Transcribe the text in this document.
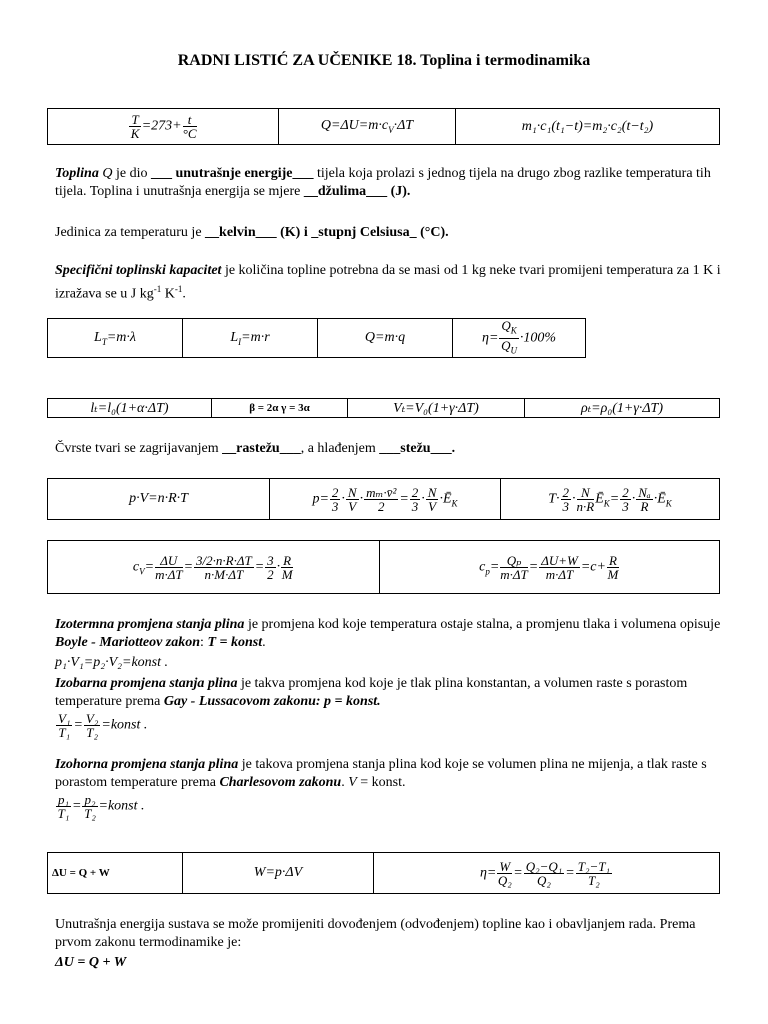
RADNI LISTIĆ ZA UČENIKE 18. Toplina i termodinamika
$\frac{T}{K} =273+ \frac{t}{^\circ C}$	$Q=\Delta U=m\cdot c_V\cdot\Delta T$	m₁·c₁(t₁−t)=m₂·c₂(t−t₂)
Toplina Q je dio ___ unutrašnje energije___ tijela koja prolazi s jednog tijela na drugo zbog razlike temperatura tih tijela. Toplina i unutrašnja energija se mjere __džulima___ (J).
Jedinica za temperaturu je __kelvin___ (K) i _stupnj Celsiusa_ (°C).
Specifični toplinski kapacitet je količina topline potrebna da se masi od 1 kg neke tvari promijeni temperatura za 1 K i izražava se u J $kg^{-1}$ $K^{-1}$.
$L_T=m\cdot\lambda$	$L_I=m\cdot r$	Q=m·q	$\eta= \frac{Q_K}{Q_U} \cdot 100\%$
lₜ=l₀(1+α·ΔT)	β = 2α γ = 3α	Vₜ=V₀(1+γ·ΔT)	ρₜ=ρ₀(1+γ·ΔT)
Čvrste tvari se zagrijavanjem __rastežu___, a hlađenjem ___stežu___.
p·V=n·R·T	$p= \frac{2}{3} \cdot \frac{N}{V} \cdot \frac{\text{mₘ·v̄²}}{2} = \frac{2}{3} \cdot \frac{N}{V}$ $\cdot Ē_K$	$T\cdot \frac{2}{3} \cdot \frac{N}{n\cdot R}$ $Ē_K= \frac{2}{3} \cdot \frac{\text{Nₐ}}{R}$ $\cdot Ē_K$
$c_V= \frac{\Delta U}{m\cdot\Delta T} = \frac{3/2\cdot n\cdot R\cdot\Delta T}{n\cdot M\cdot\Delta T} = \frac{3}{2} \cdot \frac{R}{M}$	$c_p= \frac{\text{Qₚ}}{m\cdot\Delta T} = \frac{\Delta U+W}{m\cdot\Delta T} =c+ \frac{R}{M}$
Izotermna promjena stanja plina je promjena kod koje temperatura ostaje stalna, a promjenu tlaka i volumena opisuje Boyle - Mariotteov zakon: T = konst.
p₁·V₁=p₂·V₂=konst .
Izobarna promjena stanja plina je takva promjena kod koje je tlak plina konstantan, a volumen raste s porastom temperature prema Gay - Lussacovom zakonu: p = konst.
$\frac{\text{V₁}}{\text{T₁}} = \frac{\text{V₂}}{\text{T₂}}$ =konst .
Izohorna promjena stanja plina je takova promjena stanja plina kod koje se volumen plina ne mijenja, a tlak raste s porastom temperature prema Charlesovom zakonu. V = konst.
$\frac{\text{p₁}}{\text{T₁}} = \frac{\text{p₂}}{\text{T₂}}$ =konst .
ΔU = Q + W	W=p·ΔV	$\eta= \frac{W}{\text{Q₂}} = \frac{\text{Q₂−Q₁}}{\text{Q₂}} = \frac{\text{T₂−T₁}}{\text{T₂}}$
Unutrašnja energija sustava se može promijeniti dovođenjem (odvođenjem) topline kao i obavljanjem rada. Prema prvom zakonu termodinamike je:
ΔU = Q + W
